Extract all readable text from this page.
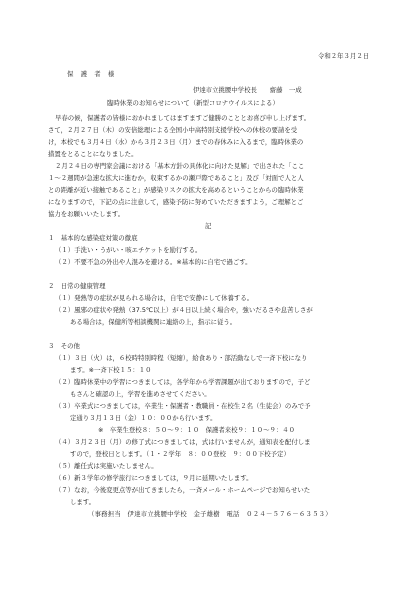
令和２年３月２日
保 護 者 様
伊達市立挑腰中学校長　　齋藤　一成
臨時休業のお知らせについて（新型コロナウイルスによる）
早春の候，保護者の皆様におかれましてはますますご健勝のこととお喜び申し上げます。
さて，２月２７日（木）の安倍総理による全国小中高特別支援学校への休校の要請を受
け，本校でも３月４日（水）から３月２３日（月）までの春休みに入るまで，臨時休業の
措置をとることになりました。
２月２４日の専門家会議における「基本方針の具体化に向けた見解」で出された「ここ
１～２週間が急速な拡大に進むか，収束するかの瀬戸際であること」及び「対面で人と人
との距離が近い接触であること」が感染リスクの拡大を高めるということからの臨時休業
になりますので，下記の点に注意して，感染予防に努めていただきますよう，ご理解とご
協力をお願いいたします。
記
１　基本的な感染症対策の徹底
（１）手洗い・うがい・咳エチケットを励行する。
（２）不要不急の外出や人混みを避ける。※基本的に自宅で過ごす。
２　日常の健康管理
（１）発熱等の症状が見られる場合は，自宅で安静にして休養する。
（２）風邪の症状や発熱（37.5℃以上）が４日以上続く場合や，強いだるさや息苦しさが
ある場合は，保健所等相談機関に連絡の上，指示に従う。
３　その他
（１）３日（火）は，６校時特別時程（短縮），給食あり・部活動なしで一斉下校になり
ます。※一斉下校１５：１０
（２）臨時休業中の学習につきましては，各学年から学習課題が出ておりますので，子ど
もさんと確認の上，学習を進めさせてください。
（３）卒業式につきましては，卒業生・保護者・教職員・在校生２名（生徒会）のみで予
定通り３月１３日（金）１０：００から行います。
※　卒業生登校８：５０～９：１０　保護者来校９：１０～９：４０
（４）３月２３日（月）の修了式につきましては，式は行いませんが，通知表を配付しま
すので，登校日とします。（１・２学年　８：００登校　９：００下校予定）
（５）離任式は実施いたしません。
（６）新３学年の修学旅行につきましては，９月に延期いたします。
（７）なお，今後変更点等が出てきましたら，一斉メール・ホームページでお知らせいた
します。
（事務担当　伊達市立挑腰中学校　金子雄樹　電話　０２４－５７６－６３５３）
